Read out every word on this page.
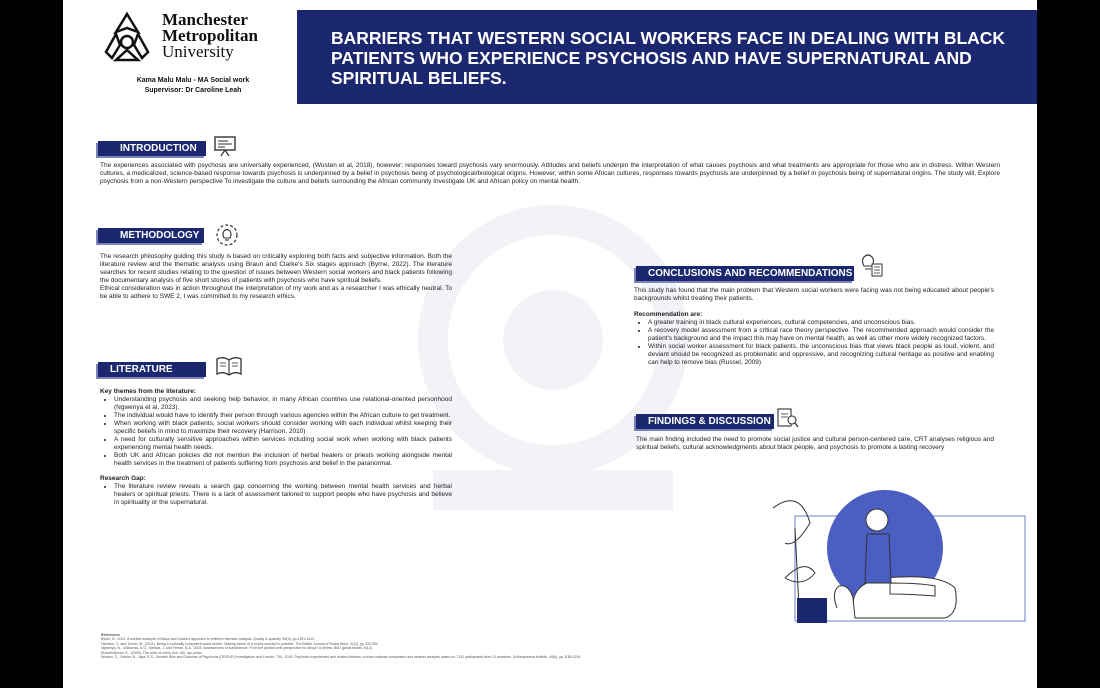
Manchester
Metropolitan
University
Kama Malu Malu - MA Social work
Supervisor: Dr Caroline Leah
BARRIERS THAT WESTERN SOCIAL WORKERS FACE IN DEALING WITH BLACK PATIENTS WHO EXPERIENCE PSYCHOSIS AND HAVE SUPERNATURAL AND SPIRITUAL BELIEFS.
INTRODUCTION

The experiences associated with psychosis are universally experienced, (Wusten et al, 2018), however; responses toward psychosis vary enormously. Attitudes and beliefs underpin the interpretation of what causes psychosis and what treatments are appropriate for those who are in distress. Within Western cultures, a medicalized, science-based response towards psychosis is underpinned by a belief in psychosis being of psychological/biological origins. However, within some African cultures, responses towards psychosis are underpinned by a belief in psychosis being of supernatural origins. The study will, Explore psychosis from a non-Western perspective To investigate the culture and beliefs surrounding the African community Investigate UK and African policy on mental health.

METHODOLOGY

The research philosophy guiding this study is based on criticality exploring both facts and subjective information. Both the literature review and the thematic analysis using Braun and Clarke's Six stages approach (Byrne, 2022). The literature searches for recent studies relating to the question of issues between Western social workers and black patients following the documentary analysis of five short stories of patients with psychosis who have spiritual beliefs.

Ethical consideration was in action throughout the interpretation of my work and as a researcher I was ethically neutral. To be able to adhere to SWE 2, I was committed to my research ethics.

LITERATURE REVIEW

Key themes from the literature:

• Understanding psychosis and seeking help behavior, in many African countries use relational-oriented personhood (Ngwenya et al, 2023).
• The individual would have to identify their person through various agencies within the African culture to get treatment.
• When working with black patients, social workers should consider working with each individual whilst keeping their specific beliefs in mind to maximize their recovery (Harrison, 2010)
• A need for culturally sensitive approaches within services including social work when working with black patients experiencing mental health needs.
• Both UK and African policies did not mention the inclusion of herbal healers or priests working alongside mental health services in the treatment of patients suffering from psychosis and belief in the paranormal.

Research Gap:

• The literature review reveals a search gap concerning the working between mental health services and herbal healers or spiritual priests. There is a lack of assessment tailored to support people who have psychosis and believe in spirituality or the supernatural.
CONCLUSIONS AND RECOMMENDATIONS

This study has found that the main problem that Western social workers were facing was not being educated about people's backgrounds whilst treating their patients.

Recommendation are:

• A greater training in black cultural experiences, cultural competencies, and unconscious bias.
• A recovery model assessment from a critical race theory perspective. The recommended approach would consider the patient's background and the impact this may have on mental health, as well as other more widely recognized factors.
• Within social worker assessment for black patients, the unconscious bias that views black people as loud, violent, and deviant should be recognized as problematic and oppressive, and recognizing cultural heritage as positive and enabling can help to remove bias (Russel, 2009)
FINDINGS & DISCUSSION

The main finding included the need to promote social justice and cultural person-centered care, CRT analyses religious and spiritual beliefs, cultural acknowledgments about black people, and psychosis to promote a lasting recovery

References
Byrne, D., 2022. A worked example of Braun and Clarke's approach to reflexive thematic analysis. Quality & quantity, 56(3), pp.1391-1412.
Harrison, S. and Turner, M., (2011). Being a 'culturally competent'social worker: Making sense of a murky concept in practice. The British Journal of Social Work, 41(2), pp.333-350.
Ngwenya, N., Chibanda, D.G., Seedat, J. and Ferrari, N.A., 2023. Assessments of subsistence: From the global north perspective for Africa? A review. BMJ global health, 8(12).
Russell-Brown, K., (2009). The color of crime (Vol. 45). nyu press.
Wusten, C., Schlier, B., Jaya, E.S., Genetic Risk and Outcome of Psychosis (GROUP) Investigators and Lincoln, T.M., 2018. Psychotic experiences and related distress: a cross-national comparison and network analysis based on 7141 participants from 13 countries. Schizophrenia bulletin, 44(6), pp.1185-1194.
